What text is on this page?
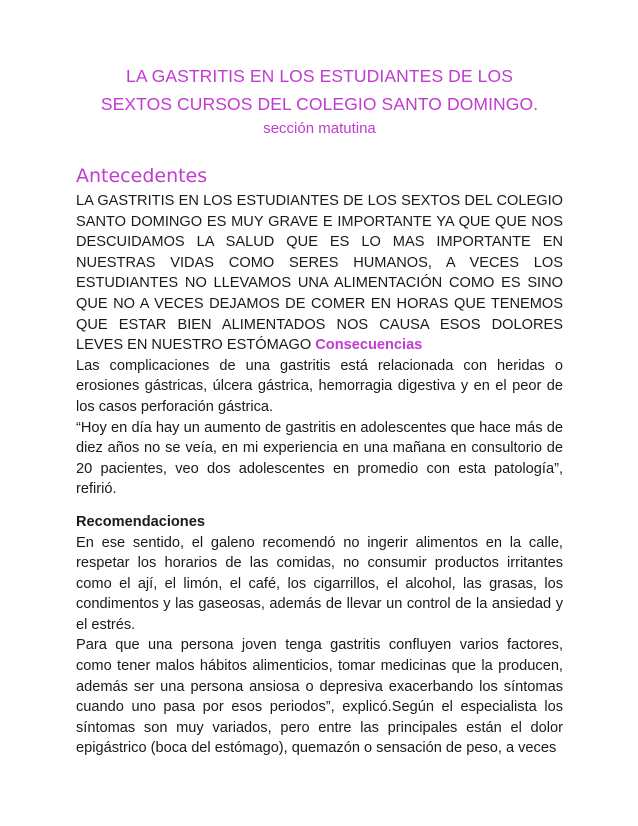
LA GASTRITIS EN LOS ESTUDIANTES DE LOS
SEXTOS CURSOS DEL COLEGIO SANTO DOMINGO.
sección matutina
Antecedentes

LA GASTRITIS EN LOS ESTUDIANTES DE LOS SEXTOS DEL COLEGIO SANTO DOMINGO ES MUY GRAVE E IMPORTANTE YA QUE QUE NOS DESCUIDAMOS LA SALUD QUE ES LO MAS IMPORTANTE EN NUESTRAS VIDAS COMO SERES HUMANOS, A VECES LOS ESTUDIANTES NO LLEVAMOS UNA ALIMENTACIÓN COMO ES SINO QUE NO A VECES DEJAMOS DE COMER EN HORAS QUE TENEMOS QUE ESTAR BIEN ALIMENTADOS NOS CAUSA ESOS DOLORES LEVES EN NUESTRO ESTÓMAGO Consecuencias

Las complicaciones de una gastritis está relacionada con heridas o erosiones gástricas, úlcera gástrica, hemorragia digestiva y en el peor de los casos perforación gástrica.

“Hoy en día hay un aumento de gastritis en adolescentes que hace más de diez años no se veía, en mi experiencia en una mañana en consultorio de 20 pacientes, veo dos adolescentes en promedio con esta patología”, refirió.

Recomendaciones

En ese sentido, el galeno recomendó no ingerir alimentos en la calle, respetar los horarios de las comidas, no consumir productos irritantes como el ají, el limón, el café, los cigarrillos, el alcohol, las grasas, los condimentos y las gaseosas, además de llevar un control de la ansiedad y el estrés.

Para que una persona joven tenga gastritis confluyen varios factores, como tener malos hábitos alimenticios, tomar medicinas que la producen, además ser una persona ansiosa o depresiva exacerbando los síntomas cuando uno pasa por esos periodos”, explicó.Según el especialista los síntomas son muy variados, pero entre las principales están el dolor epigástrico (boca del estómago), quemazón o sensación de peso, a veces
